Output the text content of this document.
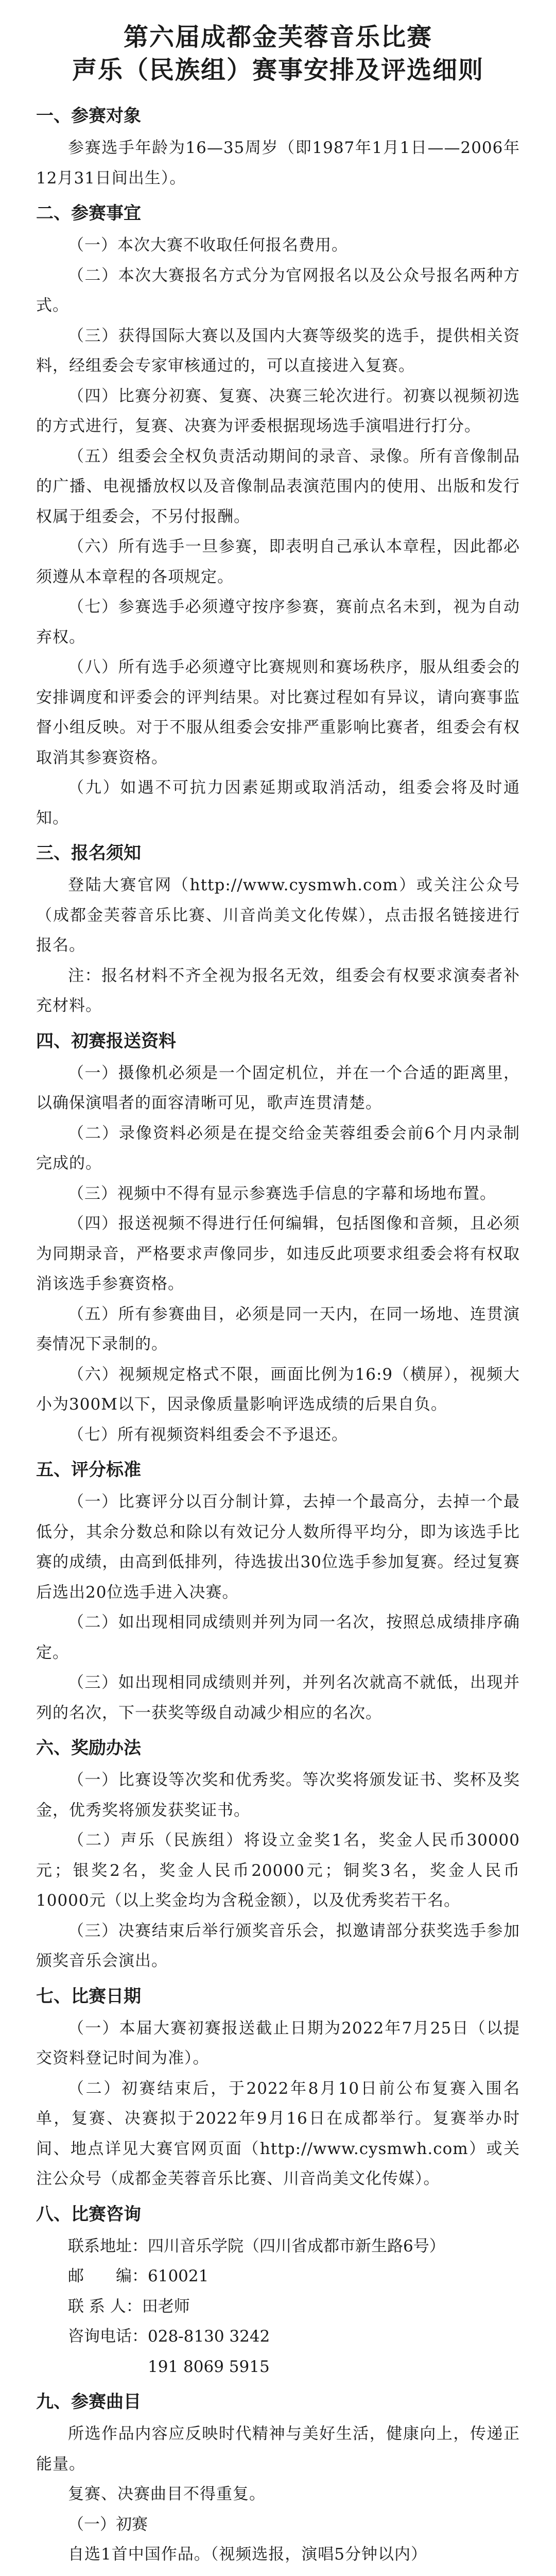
第六届成都金芙蓉音乐比赛
声乐（民族组）赛事安排及评选细则
一、参赛对象

参赛选手年龄为16—35周岁（即1987年1月1日——2006年12月31日间出生）。

二、参赛事宜

（一）本次大赛不收取任何报名费用。

（二）本次大赛报名方式分为官网报名以及公众号报名两种方式。

（三）获得国际大赛以及国内大赛等级奖的选手，提供相关资料，经组委会专家审核通过的，可以直接进入复赛。

（四）比赛分初赛、复赛、决赛三轮次进行。初赛以视频初选的方式进行，复赛、决赛为评委根据现场选手演唱进行打分。

（五）组委会全权负责活动期间的录音、录像。所有音像制品的广播、电视播放权以及音像制品表演范围内的使用、出版和发行权属于组委会，不另付报酬。

（六）所有选手一旦参赛，即表明自己承认本章程，因此都必须遵从本章程的各项规定。

（七）参赛选手必须遵守按序参赛，赛前点名未到，视为自动弃权。

（八）所有选手必须遵守比赛规则和赛场秩序，服从组委会的安排调度和评委会的评判结果。对比赛过程如有异议，请向赛事监督小组反映。对于不服从组委会安排严重影响比赛者，组委会有权取消其参赛资格。

（九）如遇不可抗力因素延期或取消活动，组委会将及时通知。

三、报名须知

登陆大赛官网（http://www.cysmwh.com）或关注公众号（成都金芙蓉音乐比赛、川音尚美文化传媒），点击报名链接进行报名。

注：报名材料不齐全视为报名无效，组委会有权要求演奏者补充材料。

四、初赛报送资料

（一）摄像机必须是一个固定机位，并在一个合适的距离里，以确保演唱者的面容清晰可见，歌声连贯清楚。

（二）录像资料必须是在提交给金芙蓉组委会前6个月内录制完成的。

（三）视频中不得有显示参赛选手信息的字幕和场地布置。

（四）报送视频不得进行任何编辑，包括图像和音频，且必须为同期录音，严格要求声像同步，如违反此项要求组委会将有权取消该选手参赛资格。

（五）所有参赛曲目，必须是同一天内，在同一场地、连贯演奏情况下录制的。

（六）视频规定格式不限，画面比例为16:9（横屏），视频大小为300M以下，因录像质量影响评选成绩的后果自负。

（七）所有视频资料组委会不予退还。

五、评分标准

（一）比赛评分以百分制计算，去掉一个最高分，去掉一个最低分，其余分数总和除以有效记分人数所得平均分，即为该选手比赛的成绩，由高到低排列，待选拔出30位选手参加复赛。经过复赛后选出20位选手进入决赛。

（二）如出现相同成绩则并列为同一名次，按照总成绩排序确定。

（三）如出现相同成绩则并列，并列名次就高不就低，出现并列的名次，下一获奖等级自动减少相应的名次。

六、奖励办法

（一）比赛设等次奖和优秀奖。等次奖将颁发证书、奖杯及奖金，优秀奖将颁发获奖证书。

（二）声乐（民族组）将设立金奖1名，奖金人民币30000元；银奖2名，奖金人民币20000元；铜奖3名，奖金人民币10000元（以上奖金均为含税金额），以及优秀奖若干名。

（三）决赛结束后举行颁奖音乐会，拟邀请部分获奖选手参加颁奖音乐会演出。

七、比赛日期

（一）本届大赛初赛报送截止日期为2022年7月25日（以提交资料登记时间为准）。

（二）初赛结束后，于2022年8月10日前公布复赛入围名单，复赛、决赛拟于2022年9月16日在成都举行。复赛举办时间、地点详见大赛官网页面（http://www.cysmwh.com）或关注公众号（成都金芙蓉音乐比赛、川音尚美文化传媒）。

八、比赛咨询

联系地址：四川音乐学院（四川省成都市新生路6号）

邮　　编：610021

联 系 人：田老师

咨询电话：028-8130 3242

　　　　　191 8069 5915

九、参赛曲目

所选作品内容应反映时代精神与美好生活，健康向上，传递正能量。

复赛、决赛曲目不得重复。

（一）初赛

自选1首中国作品。（视频选报，演唱5分钟以内）
